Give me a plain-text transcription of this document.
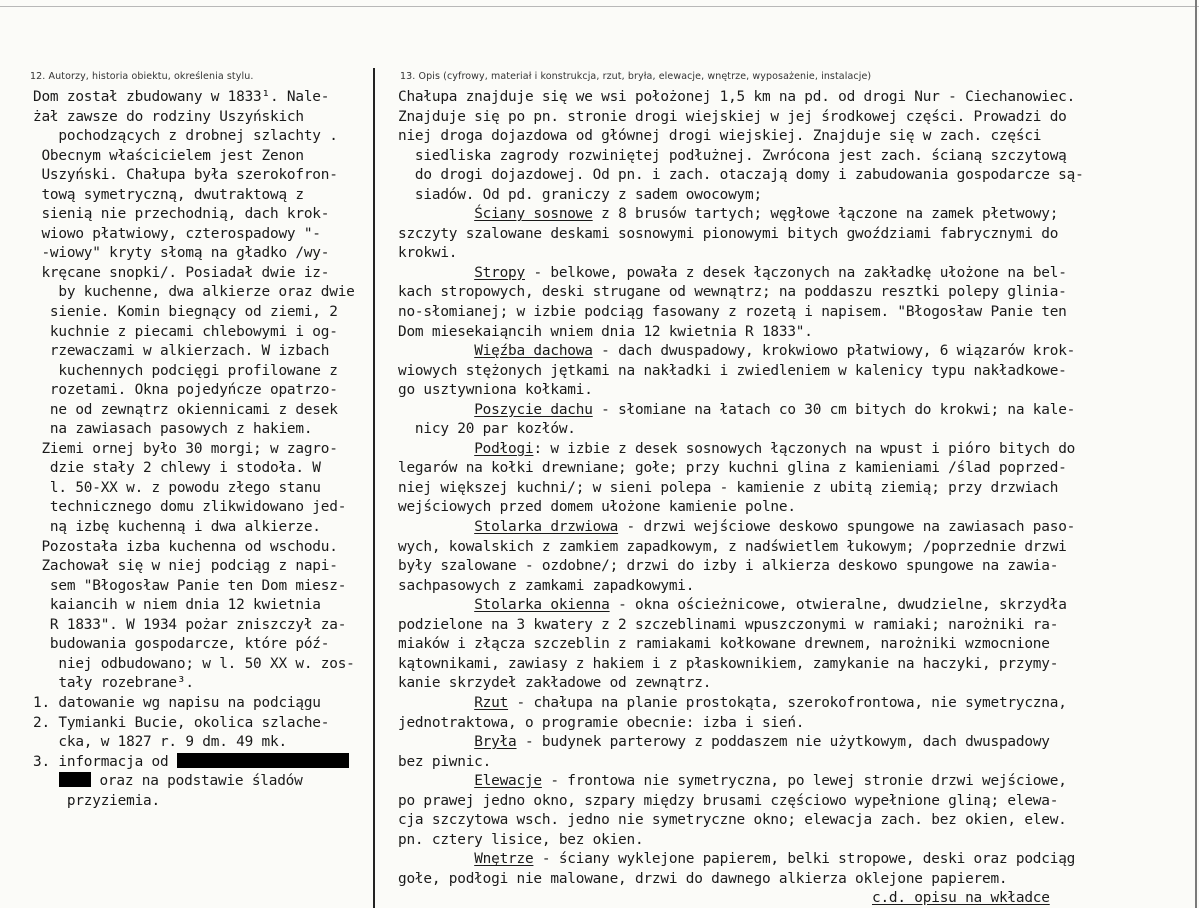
12. Autorzy, historia obiektu, określenia stylu.	13. Opis (cyfrowy, materiał i konstrukcja, rzut, bryła, elewacje, wnętrze, wyposażenie, instalacje)
Dom został zbudowany w 1833¹. Nale-
żał zawsze do rodziny Uszyńskich
pochodzących z drobnej szlachty .
Obecnym właścicielem jest Zenon
Uszyński. Chałupa była szerokofron-
tową symetryczną, dwutraktową z
sienią nie przechodnią, dach krok-
wiowo płatwiowy, czterospadowy "-
-wiowy" kryty słomą na gładko /wy-
kręcane snopki/. Posiadał dwie iz-
by kuchenne, dwa alkierze oraz dwie
sienie. Komin biegnący od ziemi, 2
kuchnie z piecami chlebowymi i og-
rzewaczami w alkierzach. W izbach
kuchennych podcięgi profilowane z
rozetami. Okna pojedyńcze opatrzo-
ne od zewnątrz okiennicami z desek
na zawiasach pasowych z hakiem.
Ziemi ornej było 30 morgi; w zagro-
dzie stały 2 chlewy i stodoła. W
l. 50-XX w. z powodu złego stanu
technicznego domu zlikwidowano jed-
ną izbę kuchenną i dwa alkierze.
Pozostała izba kuchenna od wschodu.
Zachował się w niej podciąg z napi-
sem "Błogosław Panie ten Dom miesz-
kaiancih w niem dnia 12 kwietnia
R 1833". W 1934 pożar zniszczył za-
budowania gospodarcze, które póź-
niej odbudowano; w l. 50 XX w. zos-
tały rozebrane³.
1. datowanie wg napisu na podciągu
2. Tymianki Bucie, okolica szlache-
cka, w 1827 r. 9 dm. 49 mk.
3. informacja od
oraz na podstawie śladów
przyziemia.
Chałupa znajduje się we wsi położonej 1,5 km na pd. od drogi Nur - Ciechanowiec.
Znajduje się po pn. stronie drogi wiejskiej w jej środkowej części. Prowadzi do
niej droga dojazdowa od głównej drogi wiejskiej. Znajduje się w zach. części
siedliska zagrody rozwiniętej podłużnej. Zwrócona jest zach. ścianą szczytową
do drogi dojazdowej. Od pn. i zach. otaczają domy i zabudowania gospodarcze są-
siadów. Od pd. graniczy z sadem owocowym;
Ściany sosnowe z 8 brusów tartych; węgłowe łączone na zamek płetwowy;
szczyty szalowane deskami sosnowymi pionowymi bitych gwoździami fabrycznymi do
krokwi.
Stropy - belkowe, powała z desek łączonych na zakładkę ułożone na bel-
kach stropowych, deski strugane od wewnątrz; na poddaszu resztki polepy glinia-
no-słomianej; w izbie podciąg fasowany z rozetą i napisem. "Błogosław Panie ten
Dom miesekaiąncih wniem dnia 12 kwietnia R 1833".
Więźba dachowa - dach dwuspadowy, krokwiowo płatwiowy, 6 wiązarów krok-
wiowych stężonych jętkami na nakładki i zwiedleniem w kalenicy typu nakładkowe-
go usztywniona kołkami.
Poszycie dachu - słomiane na łatach co 30 cm bitych do krokwi; na kale-
nicy 20 par kozłów.
Podłogi: w izbie z desek sosnowych łączonych na wpust i pióro bitych do
legarów na kołki drewniane; gołe; przy kuchni glina z kamieniami /ślad poprzed-
niej większej kuchni/; w sieni polepa - kamienie z ubitą ziemią; przy drzwiach
wejściowych przed domem ułożone kamienie polne.
Stolarka drzwiowa - drzwi wejściowe deskowo spungowe na zawiasach paso-
wych, kowalskich z zamkiem zapadkowym, z nadświetlem łukowym; /poprzednie drzwi
były szalowane - ozdobne/; drzwi do izby i alkierza deskowo spungowe na zawia-
sachpasowych z zamkami zapadkowymi.
Stolarka okienna - okna ościeżnicowe, otwieralne, dwudzielne, skrzydła
podzielone na 3 kwatery z 2 szczeblinami wpuszczonymi w ramiaki; narożniki ra-
miaków i złącza szczeblin z ramiakami kołkowane drewnem, narożniki wzmocnione
kątownikami, zawiasy z hakiem i z płaskownikiem, zamykanie na haczyki, przymy-
kanie skrzydeł zakładowe od zewnątrz.
Rzut - chałupa na planie prostokąta, szerokofrontowa, nie symetryczna,
jednotraktowa, o programie obecnie: izba i sień.
Bryła - budynek parterowy z poddaszem nie użytkowym, dach dwuspadowy
bez piwnic.
Elewacje - frontowa nie symetryczna, po lewej stronie drzwi wejściowe,
po prawej jedno okno, szpary między brusami częściowo wypełnione gliną; elewa-
cja szczytowa wsch. jedno nie symetryczne okno; elewacja zach. bez okien, elew.
pn. cztery lisice, bez okien.
Wnętrze - ściany wyklejone papierem, belki stropowe, deski oraz podciąg
gołe, podłogi nie malowane, drzwi do dawnego alkierza oklejone papierem.
c.d. opisu na wkładce
